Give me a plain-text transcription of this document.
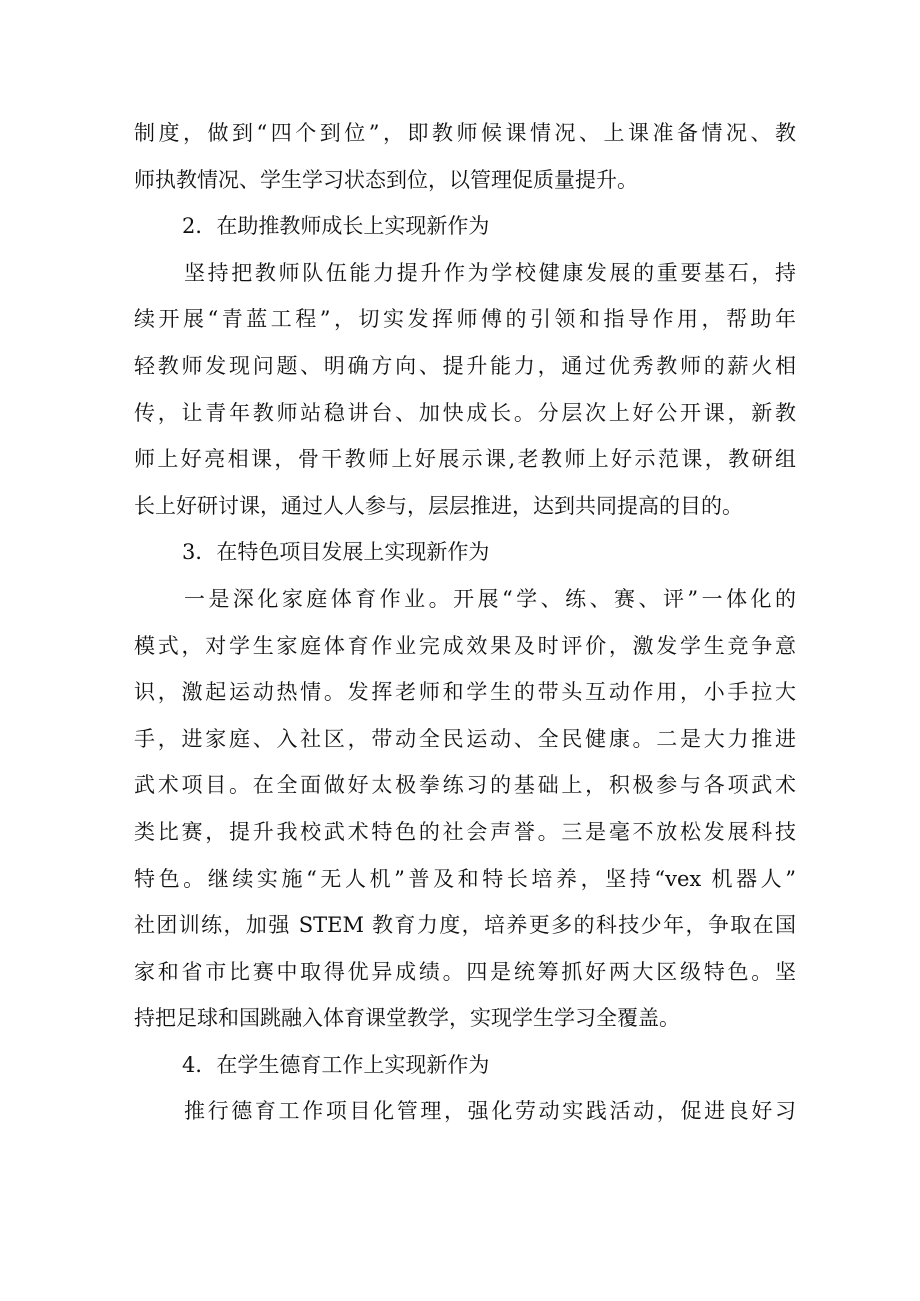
制度，做到“四个到位”，即教师候课情况、上课准备情况、教
师执教情况、学生学习状态到位，以管理促质量提升。
2．在助推教师成长上实现新作为
坚持把教师队伍能力提升作为学校健康发展的重要基石，持
续开展“青蓝工程”，切实发挥师傅的引领和指导作用，帮助年
轻教师发现问题、明确方向、提升能力，通过优秀教师的薪火相
传，让青年教师站稳讲台、加快成长。分层次上好公开课，新教
师上好亮相课，骨干教师上好展示课,老教师上好示范课，教研组
长上好研讨课，通过人人参与，层层推进，达到共同提高的目的。
3．在特色项目发展上实现新作为
一是深化家庭体育作业。开展“学、练、赛、评”一体化的
模式，对学生家庭体育作业完成效果及时评价，激发学生竞争意
识，激起运动热情。发挥老师和学生的带头互动作用，小手拉大
手，进家庭、入社区，带动全民运动、全民健康。二是大力推进
武术项目。在全面做好太极拳练习的基础上，积极参与各项武术
类比赛，提升我校武术特色的社会声誉。三是毫不放松发展科技
特色。继续实施“无人机”普及和特长培养，坚持“vex 机器人”
社团训练，加强 STEM 教育力度，培养更多的科技少年，争取在国
家和省市比赛中取得优异成绩。四是统筹抓好两大区级特色。坚
持把足球和国跳融入体育课堂教学，实现学生学习全覆盖。
4．在学生德育工作上实现新作为
推行德育工作项目化管理，强化劳动实践活动，促进良好习
